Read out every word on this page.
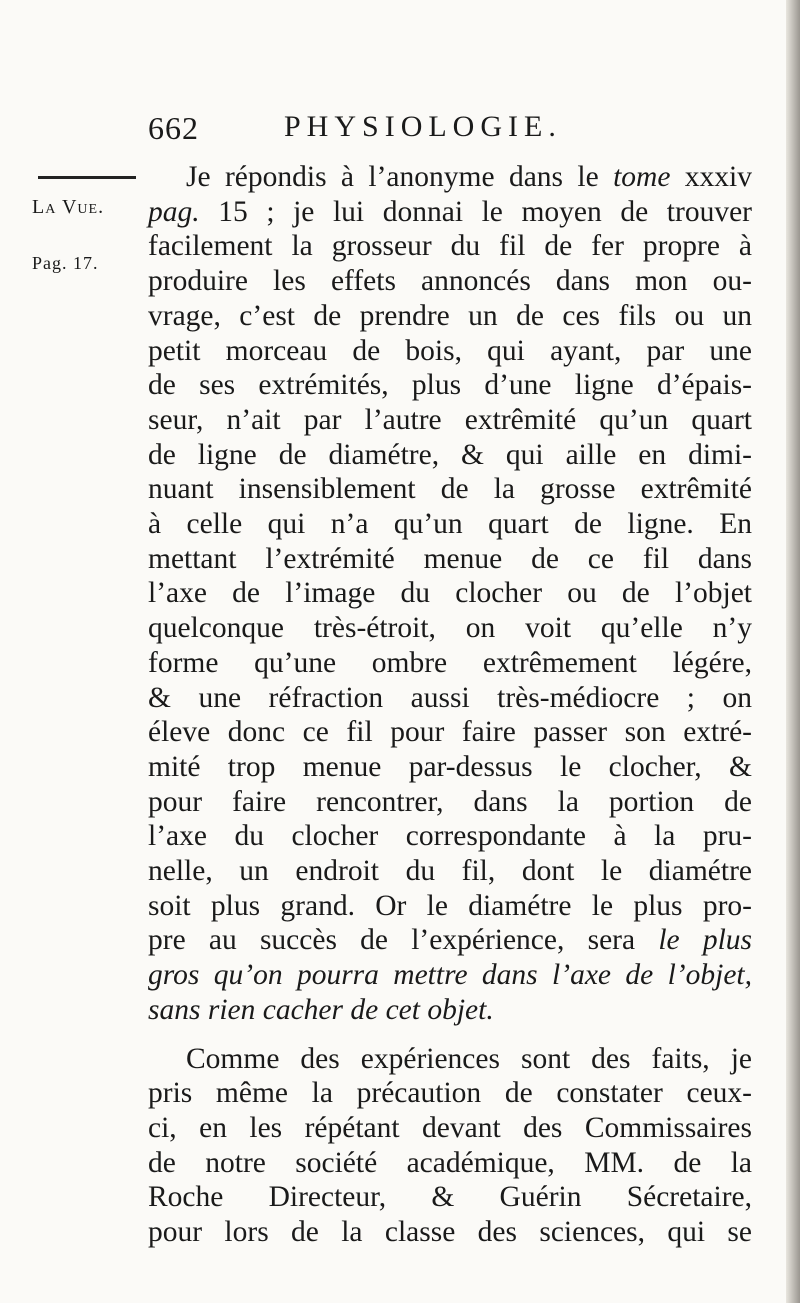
662	PHYSIOLOGIE.
La Vue.
Pag. 17.
Je répondis à l’anonyme dans le tome xxxiv
pag. 15 ; je lui donnai le moyen de trouver
facilement la grosseur du fil de fer propre à
produire les effets annoncés dans mon ou-
vrage, c’est de prendre un de ces fils ou un
petit morceau de bois, qui ayant, par une
de ses extrémités, plus d’une ligne d’épais-
seur, n’ait par l’autre extrêmité qu’un quart
de ligne de diamétre, & qui aille en dimi-
nuant insensiblement de la grosse extrêmité
à celle qui n’a qu’un quart de ligne. En
mettant l’extrémité menue de ce fil dans
l’axe de l’image du clocher ou de l’objet
quelconque très-étroit, on voit qu’elle n’y
forme qu’une ombre extrêmement légére,
& une réfraction aussi très-médiocre ; on
éleve donc ce fil pour faire passer son extré-
mité trop menue par-dessus le clocher, &
pour faire rencontrer, dans la portion de
l’axe du clocher correspondante à la pru-
nelle, un endroit du fil, dont le diamétre
soit plus grand. Or le diamétre le plus pro-
pre au succès de l’expérience, sera le plus
gros qu’on pourra mettre dans l’axe de l’objet,
sans rien cacher de cet objet.
Comme des expériences sont des faits, je
pris même la précaution de constater ceux-
ci, en les répétant devant des Commissaires
de notre société académique, MM. de la
Roche Directeur, & Guérin Sécretaire,
pour lors de la classe des sciences, qui se
